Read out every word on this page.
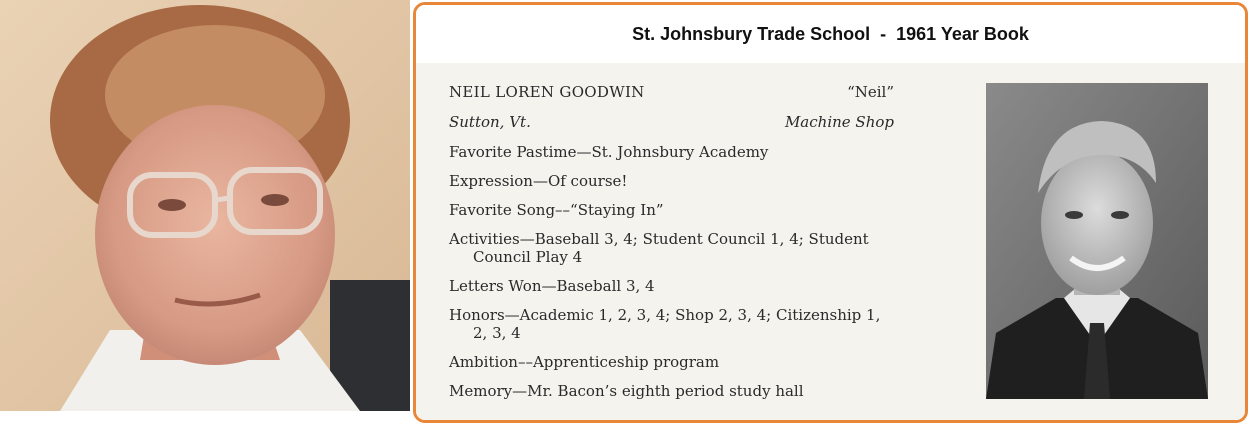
St. Johnsbury Trade School  -  1961 Year Book
NEIL LOREN GOODWIN	“Neil”
Sutton, Vt.	Machine Shop
Favorite Pastime—St. Johnsbury Academy
Expression—Of course!
Favorite Song––“Staying In”
Activities—Baseball 3, 4; Student Council 1, 4; Student Council Play 4
Letters Won—Baseball 3, 4
Honors—Academic 1, 2, 3, 4; Shop 2, 3, 4; Citizenship 1, 2, 3, 4
Ambition––Apprenticeship program
Memory—Mr. Bacon’s eighth period study hall
